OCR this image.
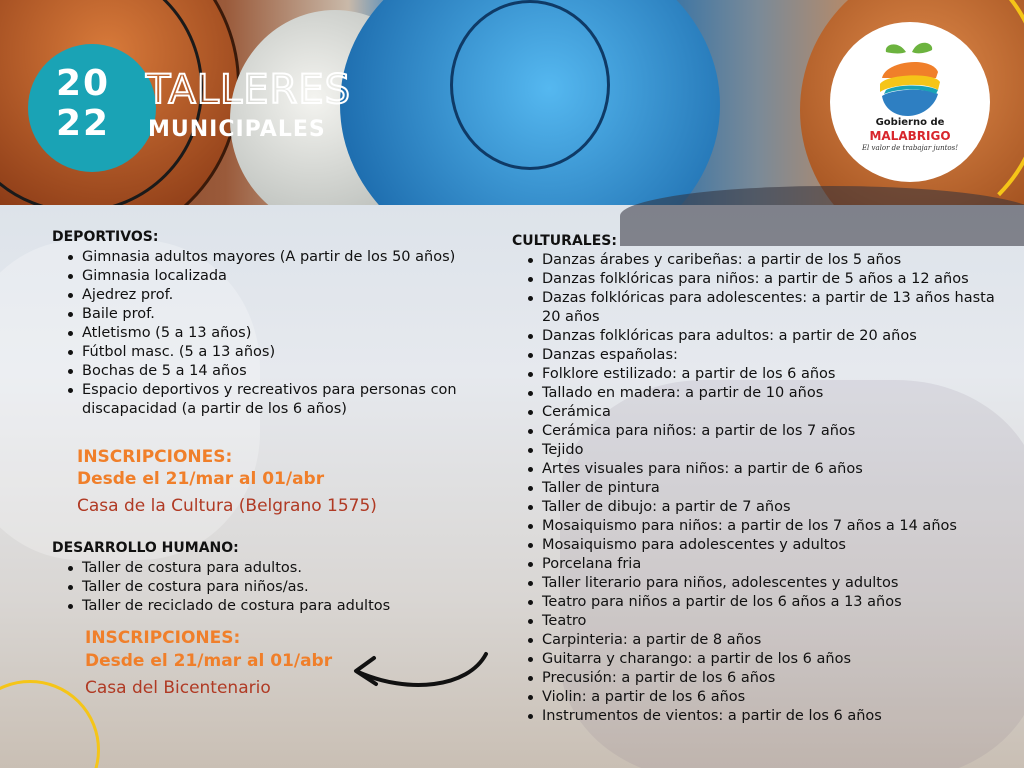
20
22
TALLERES
MUNICIPALES	Gobierno de
MALABRIGO
El valor de trabajar juntos!
DEPORTIVOS:
Gimnasia adultos mayores (A partir de los 50 años)
Gimnasia localizada
Ajedrez prof.
Baile prof.
Atletismo (5 a 13 años)
Fútbol masc. (5 a 13 años)
Bochas de 5 a 14 años
Espacio deportivos y recreativos para personas con discapacidad (a partir de los 6 años)
INSCRIPCIONES:
Desde el 21/mar al 01/abr
Casa de la Cultura (Belgrano 1575)
DESARROLLO HUMANO:
Taller de costura para adultos.
Taller de costura para niños/as.
Taller de reciclado de costura para adultos
INSCRIPCIONES:
Desde el 21/mar al 01/abr
Casa del Bicentenario
CULTURALES:
Danzas árabes y caribeñas: a partir de los 5 años
Danzas folklóricas para niños: a partir de 5 años a 12 años
Dazas folklóricas para adolescentes: a partir de 13 años hasta 20 años
Danzas folklóricas para adultos: a partir de 20 años
Danzas españolas:
Folklore estilizado: a partir de los 6 años
Tallado en madera: a partir de 10 años
Cerámica
Cerámica para niños: a partir de los 7 años
Tejido
Artes visuales para niños: a partir de 6 años
Taller de pintura
Taller de dibujo: a partir de 7 años
Mosaiquismo para niños: a partir de los 7 años a 14 años
Mosaiquismo para adolescentes y adultos
Porcelana fria
Taller literario para niños, adolescentes y adultos
Teatro para niños a partir de los 6 años a 13 años
Teatro
Carpinteria: a partir de 8 años
Guitarra y charango: a partir de los 6 años
Precusión: a partir de los 6 años
Violin: a partir de los 6 años
Instrumentos de vientos: a partir de los 6 años
